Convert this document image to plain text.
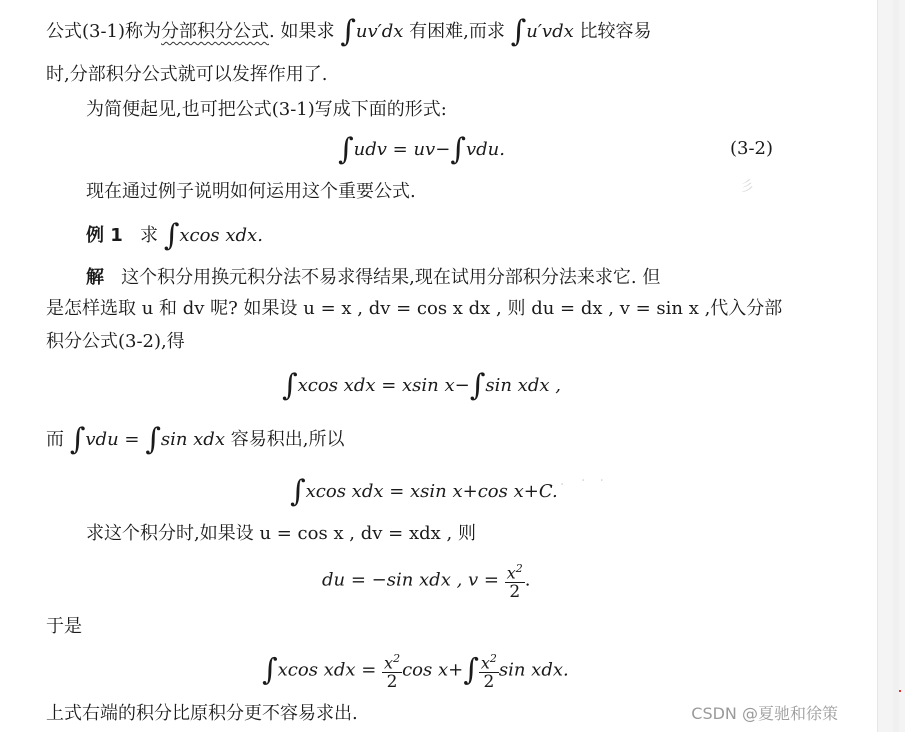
彡
．　·　·
公式(3-1)称为分部积分公式. 如果求 ∫uv′dx 有困难,而求 ∫u′vdx 比较容易
时,分部积分公式就可以发挥作用了.
为简便起见,也可把公式(3-1)写成下面的形式:
∫udv = uv−∫vdu.	(3-2)
现在通过例子说明如何运用这个重要公式.
例 1 求 ∫xcos xdx.
解 这个积分用换元积分法不易求得结果,现在试用分部积分法来求它. 但
是怎样选取 u 和 dv 呢? 如果设 u = x , dv = cos x dx , 则 du = dx , v = sin x ,代入分部
积分公式(3-2),得
∫xcos xdx = xsin x−∫sin xdx ,
而 ∫vdu = ∫sin xdx 容易积出,所以
∫xcos xdx = xsin x+cos x+C.
求这个积分时,如果设 u = cos x , dv = xdx , 则
du = −sin xdx , $v = \frac{x^2}{2}$ .
于是
∫xcos xdx = $\frac{x^2}{2}$ $\cos x+\int \frac{x^2}{2}$ sin xdx.
上式右端的积分比原积分更不容易求出.	CSDN @夏驰和徐策
